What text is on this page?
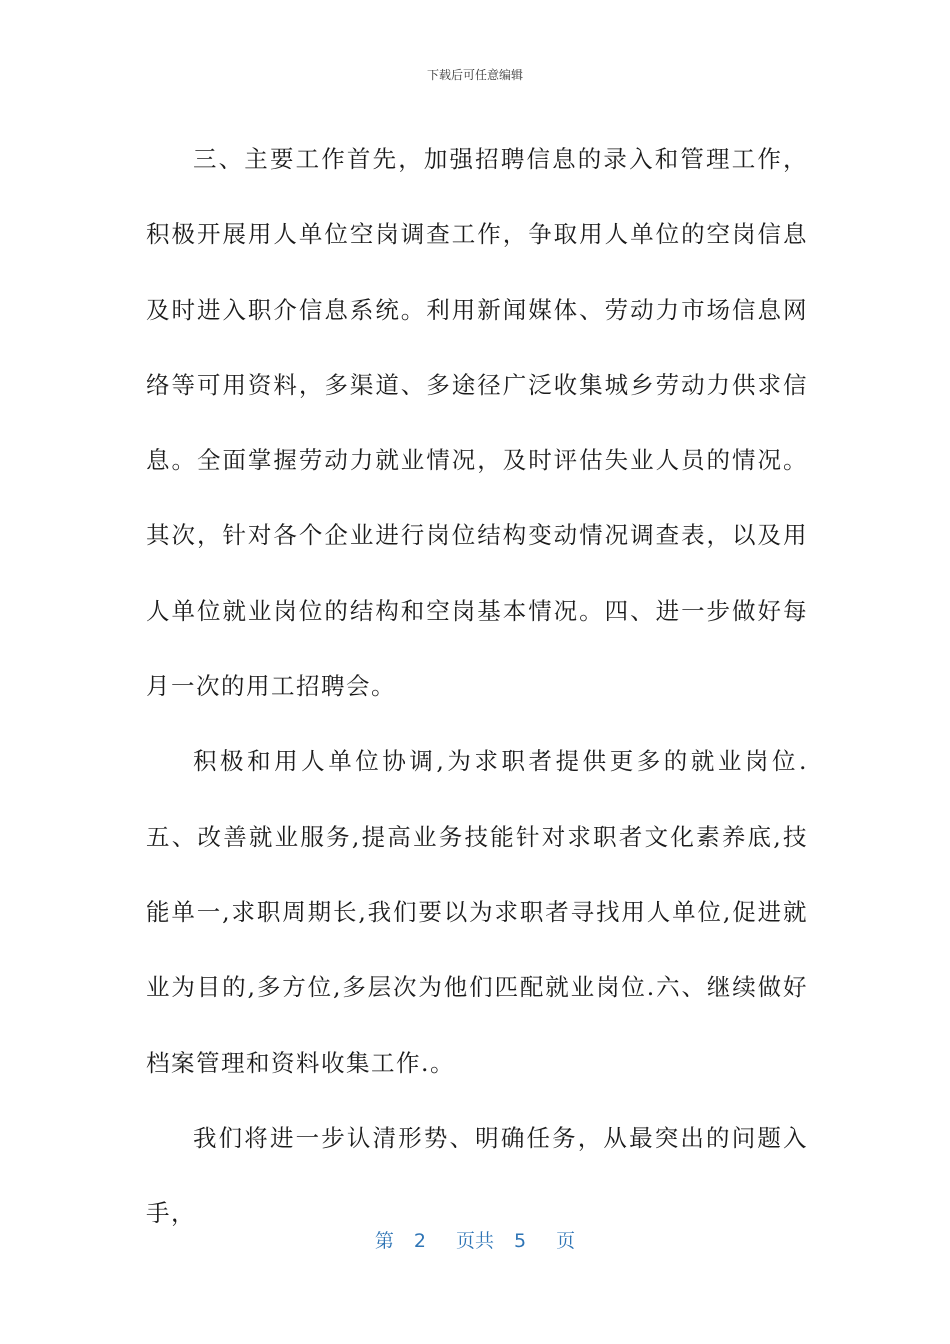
下载后可任意编辑

三、主要工作首先，加强招聘信息的录入和管理工作，积极开展用人单位空岗调查工作，争取用人单位的空岗信息及时进入职介信息系统。利用新闻媒体、劳动力市场信息网络等可用资料，多渠道、多途径广泛收集城乡劳动力供求信息。全面掌握劳动力就业情况，及时评估失业人员的情况。其次，针对各个企业进行岗位结构变动情况调查表，以及用人单位就业岗位的结构和空岗基本情况。四、进一步做好每月一次的用工招聘会。

积极和用人单位协调,为求职者提供更多的就业岗位.五、改善就业服务,提高业务技能针对求职者文化素养底,技能单一,求职周期长,我们要以为求职者寻找用人单位,促进就业为目的,多方位,多层次为他们匹配就业岗位.六、继续做好档案管理和资料收集工作.。

我们将进一步认清形势、明确任务，从最突出的问题入手，

第 2 页共 5 页
